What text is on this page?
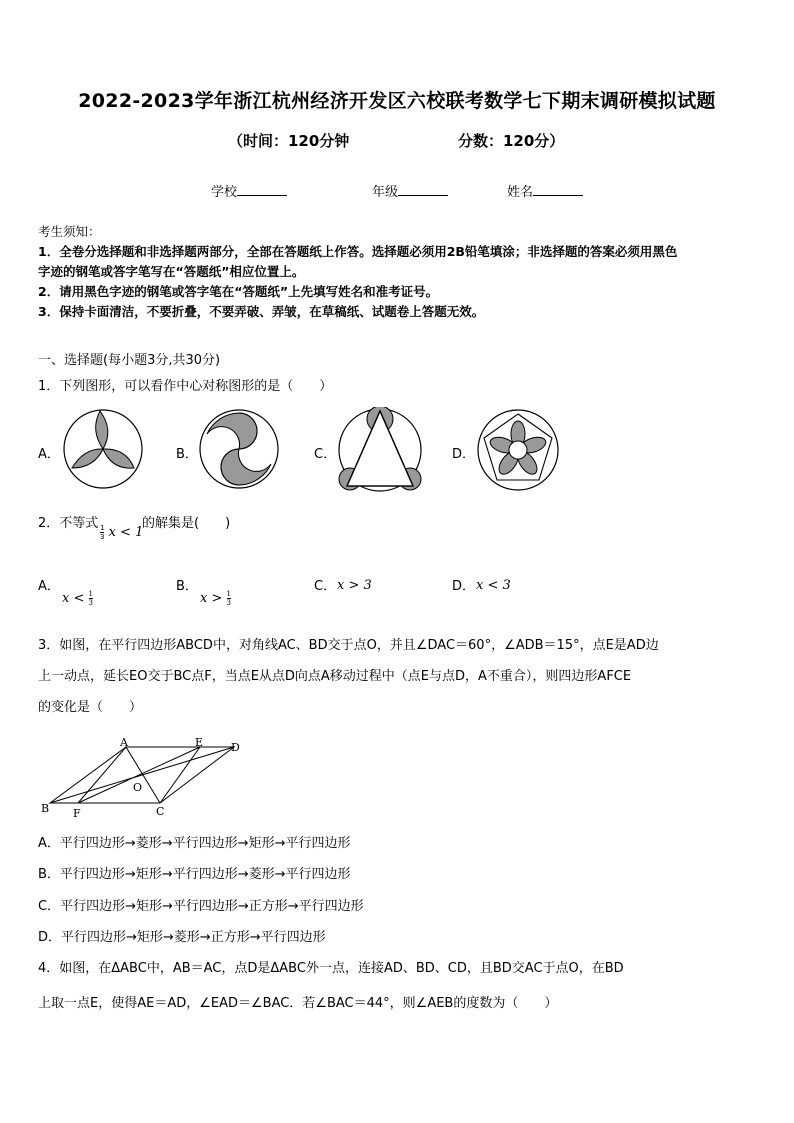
2022-2023学年浙江杭州经济开发区六校联考数学七下期末调研模拟试题
（时间：120分钟	分数：120分）
学校	年级	姓名
考生须知：
1．全卷分选择题和非选择题两部分，全部在答题纸上作答。选择题必须用2B铅笔填涂；非选择题的答案必须用黑色
字迹的钢笔或答字笔写在“答题纸”相应位置上。
2．请用黑色字迹的钢笔或答字笔在“答题纸”上先填写姓名和准考证号。
3．保持卡面清洁，不要折叠，不要弄破、弄皱，在草稿纸、试题卷上答题无效。
一、选择题(每小题3分,共30分)
1．下列图形，可以看作中心对称图形的是（　　）
A．	B．	C．	D．
2．不等式
$\frac{1}{3}$ x < 1
的解集是(　　)
A．
$x < \frac{1}{3}$
B．
$x > \frac{1}{3}$
C． x > 3	D． x < 3
3．如图，在平行四边形ABCD中，对角线AC、BD交于点O，并且∠DAC＝60°，∠ADB＝15°，点E是AD边
上一动点，延长EO交于BC点F，当点E从点D向点A移动过程中（点E与点D，A不重合），则四边形AFCE
的变化是（　　）
A	E	D
O
B F	C
A．平行四边形→菱形→平行四边形→矩形→平行四边形
B．平行四边形→矩形→平行四边形→菱形→平行四边形
C．平行四边形→矩形→平行四边形→正方形→平行四边形
D．平行四边形→矩形→菱形→正方形→平行四边形
4．如图，在ΔABC中，AB＝AC，点D是ΔABC外一点，连接AD、BD、CD，且BD交AC于点O，在BD
上取一点E，使得AE＝AD，∠EAD＝∠BAC．若∠BAC＝44°，则∠AEB的度数为（　　）
